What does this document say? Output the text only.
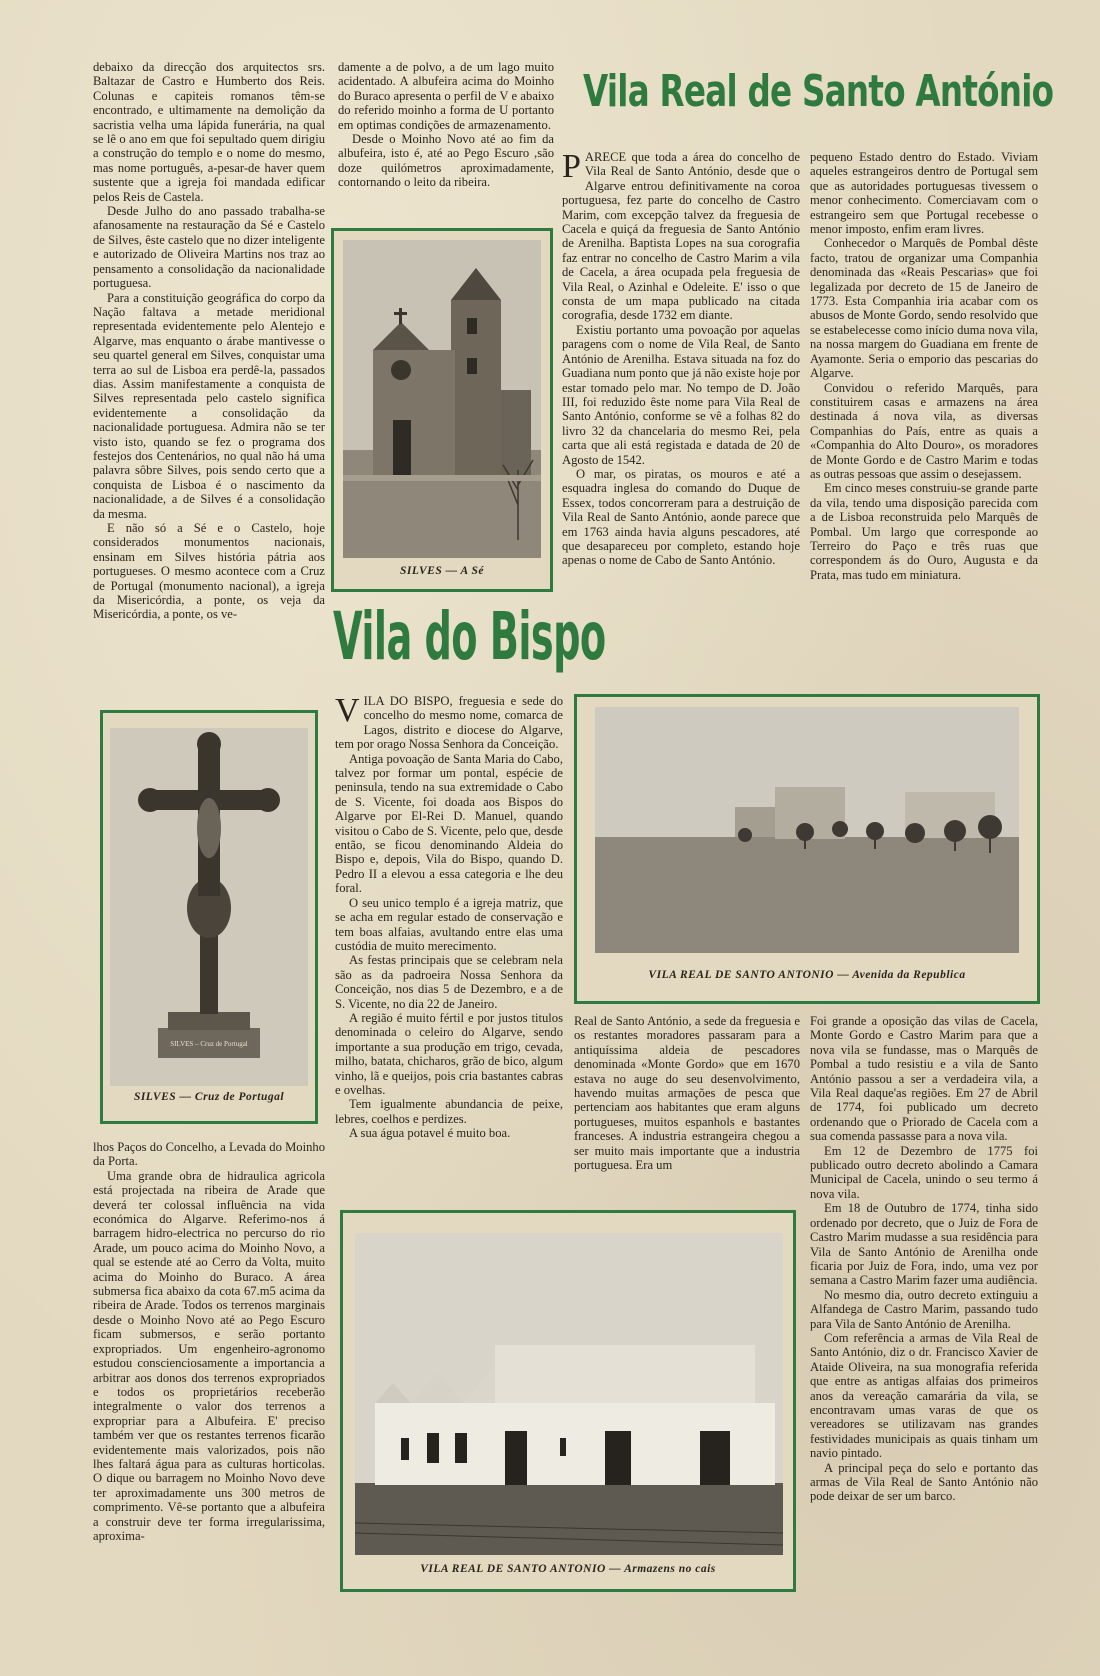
debaixo da direcção dos arquitectos srs. Baltazar de Castro e Humberto dos Reis. Colunas e capiteis romanos têm-se encontrado, e ultimamente na demolição da sacristia velha uma lápida funerária, na qual se lê o ano em que foi sepultado quem dirigiu a construção do templo e o nome do mesmo, mas nome português, a-pesar-de haver quem sustente que a igreja foi mandada edificar pelos Reis de Castela.

Desde Julho do ano passado trabalha-se afanosamente na restauração da Sé e Castelo de Silves, êste castelo que no dizer inteligente e autorizado de Oliveira Martins nos traz ao pensamento a consolidação da nacionalidade portuguesa.

Para a constituição geográfica do corpo da Nação faltava a metade meridional representada evidentemente pelo Alentejo e Algarve, mas enquanto o árabe mantivesse o seu quartel general em Silves, conquistar uma terra ao sul de Lisboa era perdê-la, passados dias. Assim manifestamente a conquista de Silves representada pelo castelo significa evidentemente a consolidação da nacionalidade portuguesa. Admira não se ter visto isto, quando se fez o programa dos festejos dos Centenários, no qual não há uma palavra sôbre Silves, pois sendo certo que a conquista de Lisboa é o nascimento da nacionalidade, a de Silves é a consolidação da mesma.

E não só a Sé e o Castelo, hoje considerados monumentos nacionais, ensinam em Silves história pátria aos portugueses. O mesmo acontece com a Cruz de Portugal (monumento nacional), a igreja da Misericórdia, a ponte, os veja da Misericórdia, a ponte, os ve-

damente a de polvo, a de um lago muito acidentado. A albufeira acima do Moinho do Buraco apresenta o perfil de V e abaixo do referido moinho a forma de U portanto em optimas condições de armazenamento.

Desde o Moinho Novo até ao fim da albufeira, isto é, até ao Pego Escuro ,são doze quilómetros aproximadamente, contornando o leito da ribeira.

SILVES — A Sé
Vila Real de Santo António

PARECE que toda a área do concelho de Vila Real de Santo António, desde que o Algarve entrou definitivamente na coroa portuguesa, fez parte do concelho de Castro Marim, com excepção talvez da freguesia de Cacela e quiçá da freguesia de Santo António de Arenilha. Baptista Lopes na sua corografia faz entrar no concelho de Castro Marim a vila de Cacela, a área ocupada pela freguesia de Vila Real, o Azinhal e Odeleite. E' isso o que consta de um mapa publicado na citada corografia, desde 1732 em diante.

Existiu portanto uma povoação por aquelas paragens com o nome de Vila Real, de Santo António de Arenilha. Estava situada na foz do Guadiana num ponto que já não existe hoje por estar tomado pelo mar. No tempo de D. João III, foi reduzido êste nome para Vila Real de Santo António, conforme se vê a folhas 82 do livro 32 da chancelaria do mesmo Rei, pela carta que ali está registada e datada de 20 de Agosto de 1542.

O mar, os piratas, os mouros e até a esquadra inglesa do comando do Duque de Essex, todos concorreram para a destruição de Vila Real de Santo António, aonde parece que em 1763 ainda havia alguns pescadores, até que desapareceu por completo, estando hoje apenas o nome de Cabo de Santo António.

pequeno Estado dentro do Estado. Viviam aqueles estrangeiros dentro de Portugal sem que as autoridades portuguesas tivessem o menor conhecimento. Comerciavam com o estrangeiro sem que Portugal recebesse o menor imposto, enfim eram livres.

Conhecedor o Marquês de Pombal dêste facto, tratou de organizar uma Companhia denominada das «Reais Pescarias» que foi legalizada por decreto de 15 de Janeiro de 1773. Esta Companhia iria acabar com os abusos de Monte Gordo, sendo resolvido que se estabelecesse como início duma nova vila, na nossa margem do Guadiana em frente de Ayamonte. Seria o emporio das pescarias do Algarve.

Convidou o referido Marquês, para constituirem casas e armazens na área destinada á nova vila, as diversas Companhias do País, entre as quais a «Companhia do Alto Douro», os moradores de Monte Gordo e de Castro Marim e todas as outras pessoas que assim o desejassem.

Em cinco meses construiu-se grande parte da vila, tendo uma disposição parecida com a de Lisboa reconstruida pelo Marquês de Pombal. Um largo que corresponde ao Terreiro do Paço e três ruas que correspondem ás do Ouro, Augusta e da Prata, mas tudo em miniatura.

Vila do Bispo
SILVES – Cruz de Portugal
SILVES — Cruz de Portugal

lhos Paços do Concelho, a Levada do Moinho da Porta.

Uma grande obra de hidraulica agricola está projectada na ribeira de Arade que deverá ter colossal influência na vida económica do Algarve. Referimo-nos á barragem hidro-electrica no percurso do rio Arade, um pouco acima do Moinho Novo, a qual se estende até ao Cerro da Volta, muito acima do Moinho do Buraco. A área submersa fica abaixo da cota 67.m5 acima da ribeira de Arade. Todos os terrenos marginais desde o Moinho Novo até ao Pego Escuro ficam submersos, e serão portanto expropriados. Um engenheiro-agronomo estudou conscienciosamente a importancia a arbitrar aos donos dos terrenos expropriados e todos os proprietários receberão integralmente o valor dos terrenos a expropriar para a Albufeira. E' preciso também ver que os restantes terrenos ficarão evidentemente mais valorizados, pois não lhes faltará água para as culturas horticolas. O dique ou barragem no Moinho Novo deve ter aproximadamente uns 300 metros de comprimento. Vê-se portanto que a albufeira a construir deve ter forma irregularissima, aproxima-

VILA DO BISPO, freguesia e sede do concelho do mesmo nome, comarca de Lagos, distrito e diocese do Algarve, tem por orago Nossa Senhora da Conceição.

Antiga povoação de Santa Maria do Cabo, talvez por formar um pontal, espécie de peninsula, tendo na sua extremidade o Cabo de S. Vicente, foi doada aos Bispos do Algarve por El-Rei D. Manuel, quando visitou o Cabo de S. Vicente, pelo que, desde então, se ficou denominando Aldeia do Bispo e, depois, Vila do Bispo, quando D. Pedro II a elevou a essa categoria e lhe deu foral.

O seu unico templo é a igreja matriz, que se acha em regular estado de conservação e tem boas alfaias, avultando entre elas uma custódia de muito merecimento.

As festas principais que se celebram nela são as da padroeira Nossa Senhora da Conceição, nos dias 5 de Dezembro, e a de S. Vicente, no dia 22 de Janeiro.

A região é muito fértil e por justos titulos denominada o celeiro do Algarve, sendo importante a sua produção em trigo, cevada, milho, batata, chicharos, grão de bico, algum vinho, lã e queijos, pois cria bastantes cabras e ovelhas.

Tem igualmente abundancia de peixe, lebres, coelhos e perdizes.

A sua água potavel é muito boa.

VILA REAL DE SANTO ANTONIO — Avenida da Republica

Real de Santo António, a sede da freguesia e os restantes moradores passaram para a antiquíssima aldeia de pescadores denominada «Monte Gordo» que em 1670 estava no auge do seu desenvolvimento, havendo muitas armações de pesca que pertenciam aos habitantes que eram alguns portugueses, muitos espanhols e bastantes franceses. A industria estrangeira chegou a ser muito mais importante que a industria portuguesa. Era um

Foi grande a oposição das vilas de Cacela, Monte Gordo e Castro Marim para que a nova vila se fundasse, mas o Marquês de Pombal a tudo resistiu e a vila de Santo António passou a ser a verdadeira vila, a Vila Real daque'as regiões. Em 27 de Abril de 1774, foi publicado um decreto ordenando que o Priorado de Cacela com a sua comenda passasse para a nova vila.

Em 12 de Dezembro de 1775 foi publicado outro decreto abolindo a Camara Municipal de Cacela, unindo o seu termo á nova vila.

Em 18 de Outubro de 1774, tinha sido ordenado por decreto, que o Juiz de Fora de Castro Marim mudasse a sua residência para Vila de Santo António de Arenilha onde ficaria por Juiz de Fora, indo, uma vez por semana a Castro Marim fazer uma audiência.

No mesmo dia, outro decreto extinguiu a Alfandega de Castro Marim, passando tudo para Vila de Santo António de Arenilha.

Com referência a armas de Vila Real de Santo António, diz o dr. Francisco Xavier de Ataide Oliveira, na sua monografia referida que entre as antigas alfaias dos primeiros anos da vereação camarária da vila, se encontravam umas varas de que os vereadores se utilizavam nas grandes festividades municipais as quais tinham um navio pintado.

A principal peça do selo e portanto das armas de Vila Real de Santo António não pode deixar de ser um barco.

VILA REAL DE SANTO ANTONIO — Armazens no cais
